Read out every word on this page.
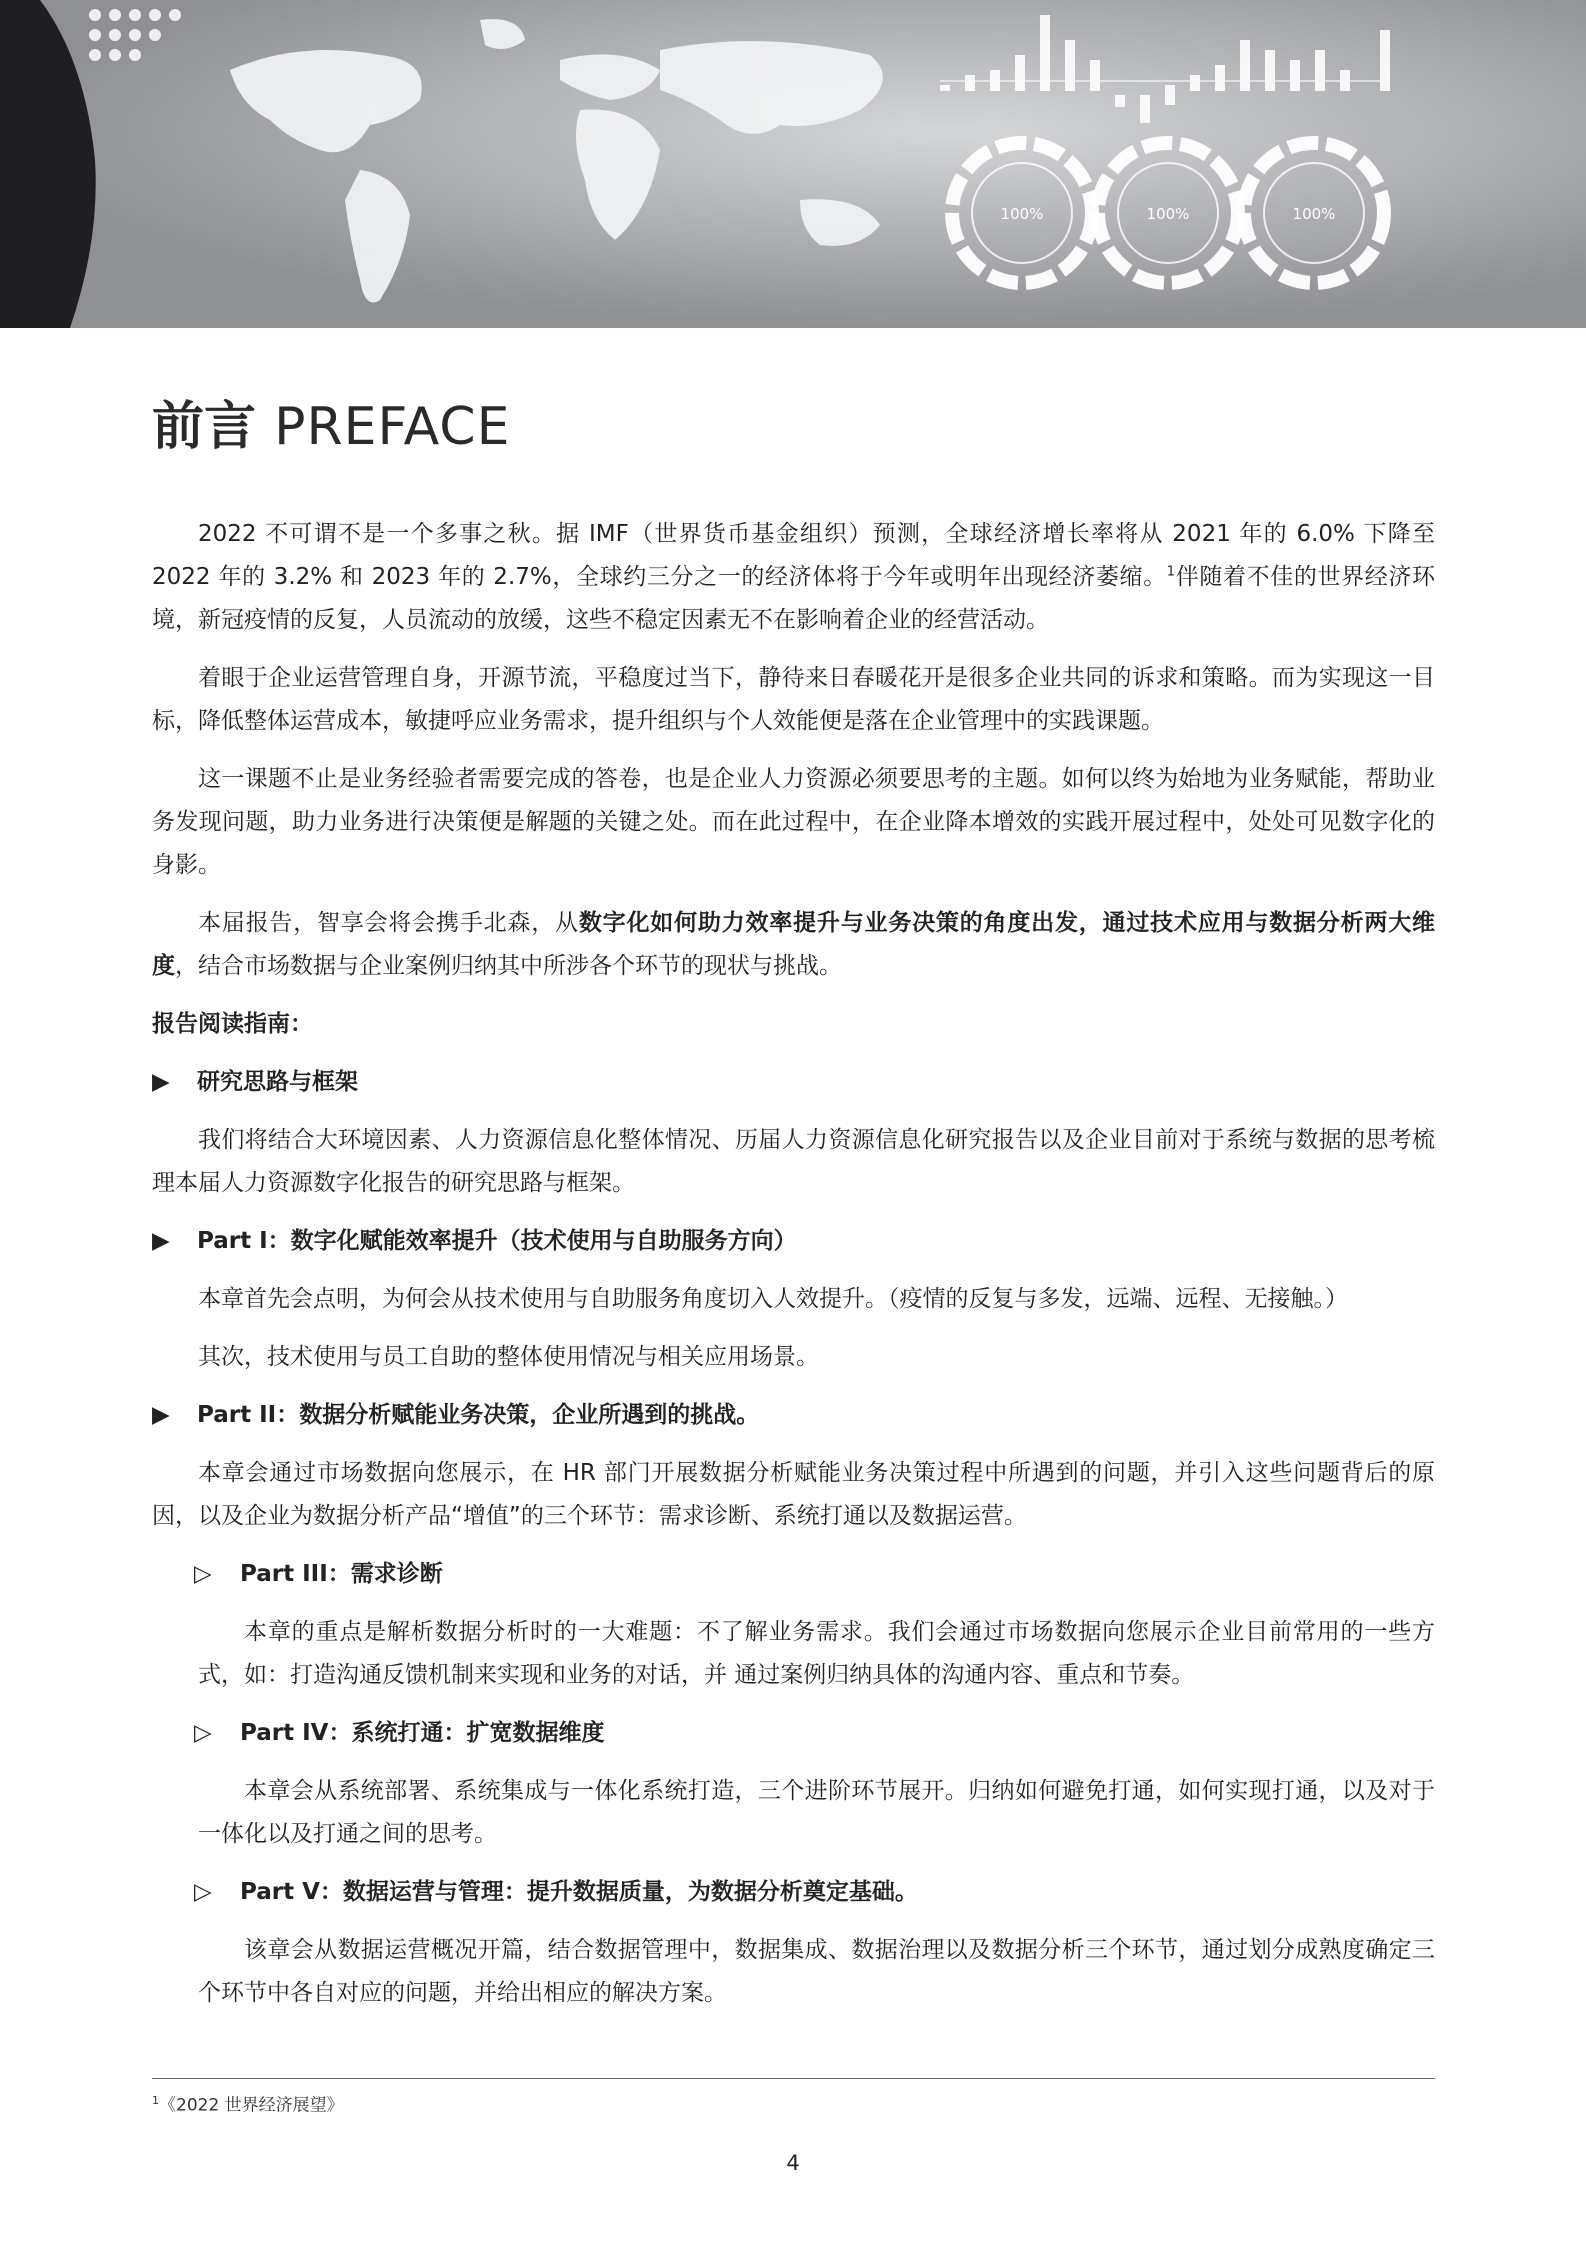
100%	100%	100%
前言 PREFACE

2022 不可谓不是一个多事之秋。据 IMF（世界货币基金组织）预测，全球经济增长率将从 2021 年的 6.0% 下降至 2022 年的 3.2% 和 2023 年的 2.7%，全球约三分之一的经济体将于今年或明年出现经济萎缩。$^1$伴随着不佳的世界经济环境，新冠疫情的反复，人员流动的放缓，这些不稳定因素无不在影响着企业的经营活动。

着眼于企业运营管理自身，开源节流，平稳度过当下，静待来日春暖花开是很多企业共同的诉求和策略。而为实现这一目标，降低整体运营成本，敏捷呼应业务需求，提升组织与个人效能便是落在企业管理中的实践课题。

这一课题不止是业务经验者需要完成的答卷，也是企业人力资源必须要思考的主题。如何以终为始地为业务赋能，帮助业务发现问题，助力业务进行决策便是解题的关键之处。而在此过程中，在企业降本增效的实践开展过程中，处处可见数字化的身影。

本届报告，智享会将会携手北森，从数字化如何助力效率提升与业务决策的角度出发，通过技术应用与数据分析两大维度，结合市场数据与企业案例归纳其中所涉各个环节的现状与挑战。

报告阅读指南：

▶	研究思路与框架

我们将结合大环境因素、人力资源信息化整体情况、历届人力资源信息化研究报告以及企业目前对于系统与数据的思考梳理本届人力资源数字化报告的研究思路与框架。

▶	Part I：数字化赋能效率提升（技术使用与自助服务方向）

本章首先会点明，为何会从技术使用与自助服务角度切入人效提升。（疫情的反复与多发，远端、远程、无接触。）

其次，技术使用与员工自助的整体使用情况与相关应用场景。

▶	Part II：数据分析赋能业务决策，企业所遇到的挑战。

本章会通过市场数据向您展示，在 HR 部门开展数据分析赋能业务决策过程中所遇到的问题，并引入这些问题背后的原因，以及企业为数据分析产品“增值”的三个环节：需求诊断、系统打通以及数据运营。

▷	Part III：需求诊断

本章的重点是解析数据分析时的一大难题：不了解业务需求。我们会通过市场数据向您展示企业目前常用的一些方式，如：打造沟通反馈机制来实现和业务的对话，并 通过案例归纳具体的沟通内容、重点和节奏。

▷	Part IV：系统打通：扩宽数据维度

本章会从系统部署、系统集成与一体化系统打造，三个进阶环节展开。归纳如何避免打通，如何实现打通，以及对于一体化以及打通之间的思考。

▷	Part V：数据运营与管理：提升数据质量，为数据分析奠定基础。

该章会从数据运营概况开篇，结合数据管理中，数据集成、数据治理以及数据分析三个环节，通过划分成熟度确定三个环节中各自对应的问题，并给出相应的解决方案。

$^1$《2022 世界经济展望》
4
